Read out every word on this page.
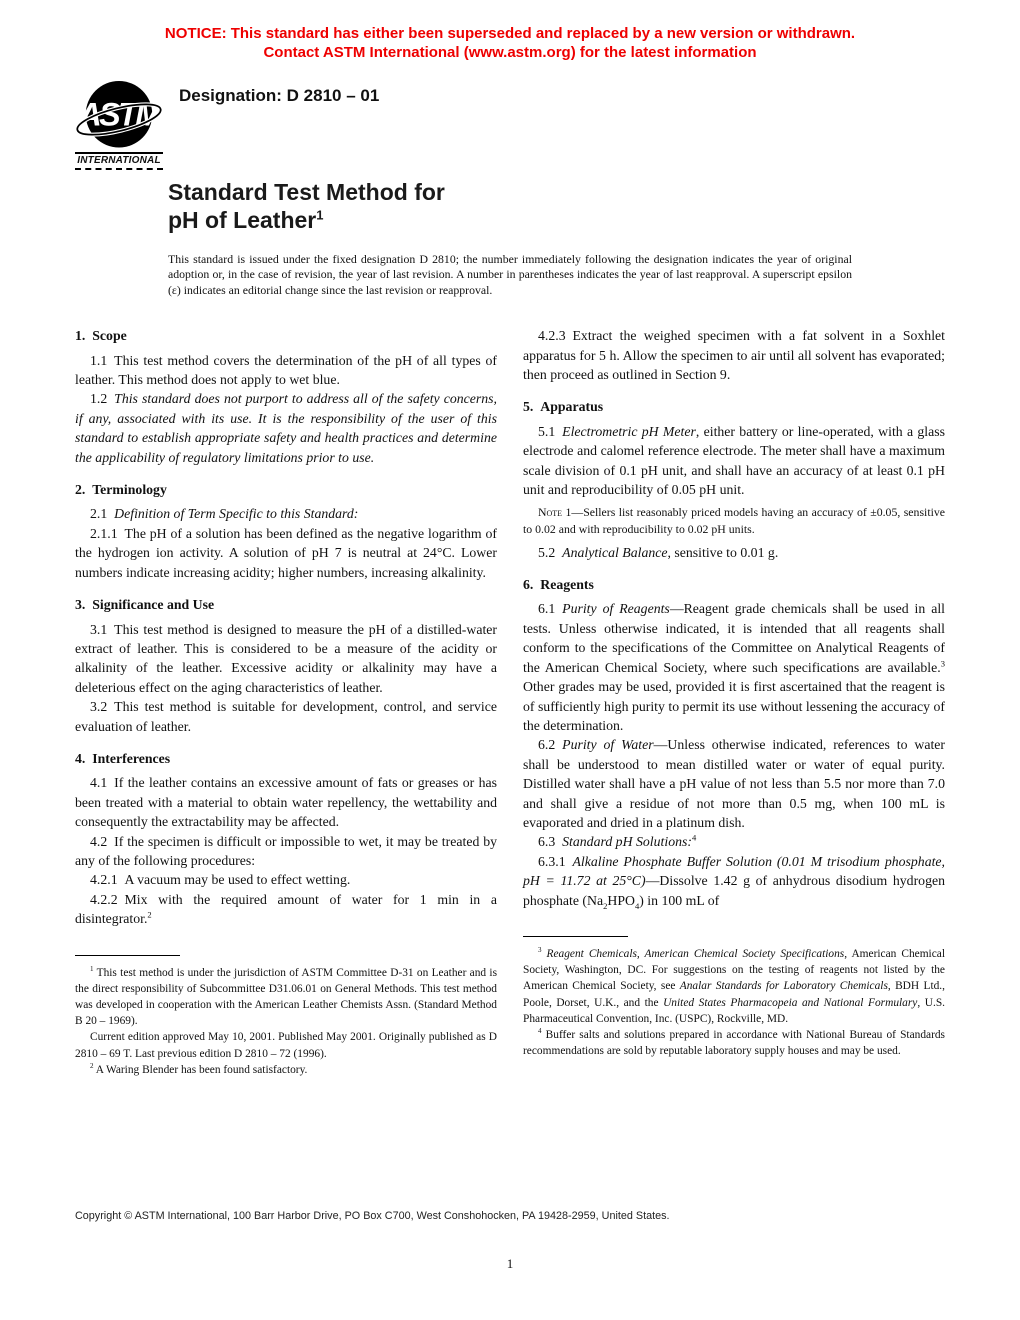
NOTICE: This standard has either been superseded and replaced by a new version or withdrawn.
Contact ASTM International (www.astm.org) for the latest information
ASTM
INTERNATIONAL
Designation: D 2810 – 01
Standard Test Method for
pH of Leather$^1$
This standard is issued under the fixed designation D 2810; the number immediately following the designation indicates the year of original adoption or, in the case of revision, the year of last revision. A number in parentheses indicates the year of last reapproval. A superscript epsilon (ε) indicates an editorial change since the last revision or reapproval.
1. Scope
1.1 This test method covers the determination of the pH of all types of leather. This method does not apply to wet blue.
1.2 This standard does not purport to address all of the safety concerns, if any, associated with its use. It is the responsibility of the user of this standard to establish appropriate safety and health practices and determine the applicability of regulatory limitations prior to use.
2. Terminology
2.1 Definition of Term Specific to this Standard:
2.1.1 The pH of a solution has been defined as the negative logarithm of the hydrogen ion activity. A solution of pH 7 is neutral at 24°C. Lower numbers indicate increasing acidity; higher numbers, increasing alkalinity.
3. Significance and Use
3.1 This test method is designed to measure the pH of a distilled-water extract of leather. This is considered to be a measure of the acidity or alkalinity of the leather. Excessive acidity or alkalinity may have a deleterious effect on the aging characteristics of leather.
3.2 This test method is suitable for development, control, and service evaluation of leather.
4. Interferences
4.1 If the leather contains an excessive amount of fats or greases or has been treated with a material to obtain water repellency, the wettability and consequently the extractability may be affected.
4.2 If the specimen is difficult or impossible to wet, it may be treated by any of the following procedures:
4.2.1 A vacuum may be used to effect wetting.
4.2.2 Mix with the required amount of water for 1 min in a disintegrator.$^2$
$^1$ This test method is under the jurisdiction of ASTM Committee D-31 on Leather and is the direct responsibility of Subcommittee D31.06.01 on General Methods. This test method was developed in cooperation with the American Leather Chemists Assn. (Standard Method B 20 – 1969).
Current edition approved May 10, 2001. Published May 2001. Originally published as D 2810 – 69 T. Last previous edition D 2810 – 72 (1996).
$^2$ A Waring Blender has been found satisfactory.
4.2.3 Extract the weighed specimen with a fat solvent in a Soxhlet apparatus for 5 h. Allow the specimen to air until all solvent has evaporated; then proceed as outlined in Section 9.
5. Apparatus
5.1 Electrometric pH Meter, either battery or line-operated, with a glass electrode and calomel reference electrode. The meter shall have a maximum scale division of 0.1 pH unit, and shall have an accuracy of at least 0.1 pH unit and reproducibility of 0.05 pH unit.
Note 1—Sellers list reasonably priced models having an accuracy of ±0.05, sensitive to 0.02 and with reproducibility to 0.02 pH units.
5.2 Analytical Balance, sensitive to 0.01 g.
6. Reagents
6.1 Purity of Reagents—Reagent grade chemicals shall be used in all tests. Unless otherwise indicated, it is intended that all reagents shall conform to the specifications of the Committee on Analytical Reagents of the American Chemical Society, where such specifications are available.$^3$ Other grades may be used, provided it is first ascertained that the reagent is of sufficiently high purity to permit its use without lessening the accuracy of the determination.
6.2 Purity of Water—Unless otherwise indicated, references to water shall be understood to mean distilled water or water of equal purity. Distilled water shall have a pH value of not less than 5.5 nor more than 7.0 and shall give a residue of not more than 0.5 mg, when 100 mL is evaporated and dried in a platinum dish.
6.3 Standard pH Solutions:$^4$
6.3.1 Alkaline Phosphate Buffer Solution (0.01 M trisodium phosphate, pH = 11.72 at 25°C)—Dissolve 1.42 g of anhydrous disodium hydrogen phosphate $(Na_2HPO_4)$ in 100 mL of
$^3$ Reagent Chemicals, American Chemical Society Specifications, American Chemical Society, Washington, DC. For suggestions on the testing of reagents not listed by the American Chemical Society, see Analar Standards for Laboratory Chemicals, BDH Ltd., Poole, Dorset, U.K., and the United States Pharmacopeia and National Formulary, U.S. Pharmaceutical Convention, Inc. (USPC), Rockville, MD.
$^4$ Buffer salts and solutions prepared in accordance with National Bureau of Standards recommendations are sold by reputable laboratory supply houses and may be used.
Copyright © ASTM International, 100 Barr Harbor Drive, PO Box C700, West Conshohocken, PA 19428-2959, United States.
1
